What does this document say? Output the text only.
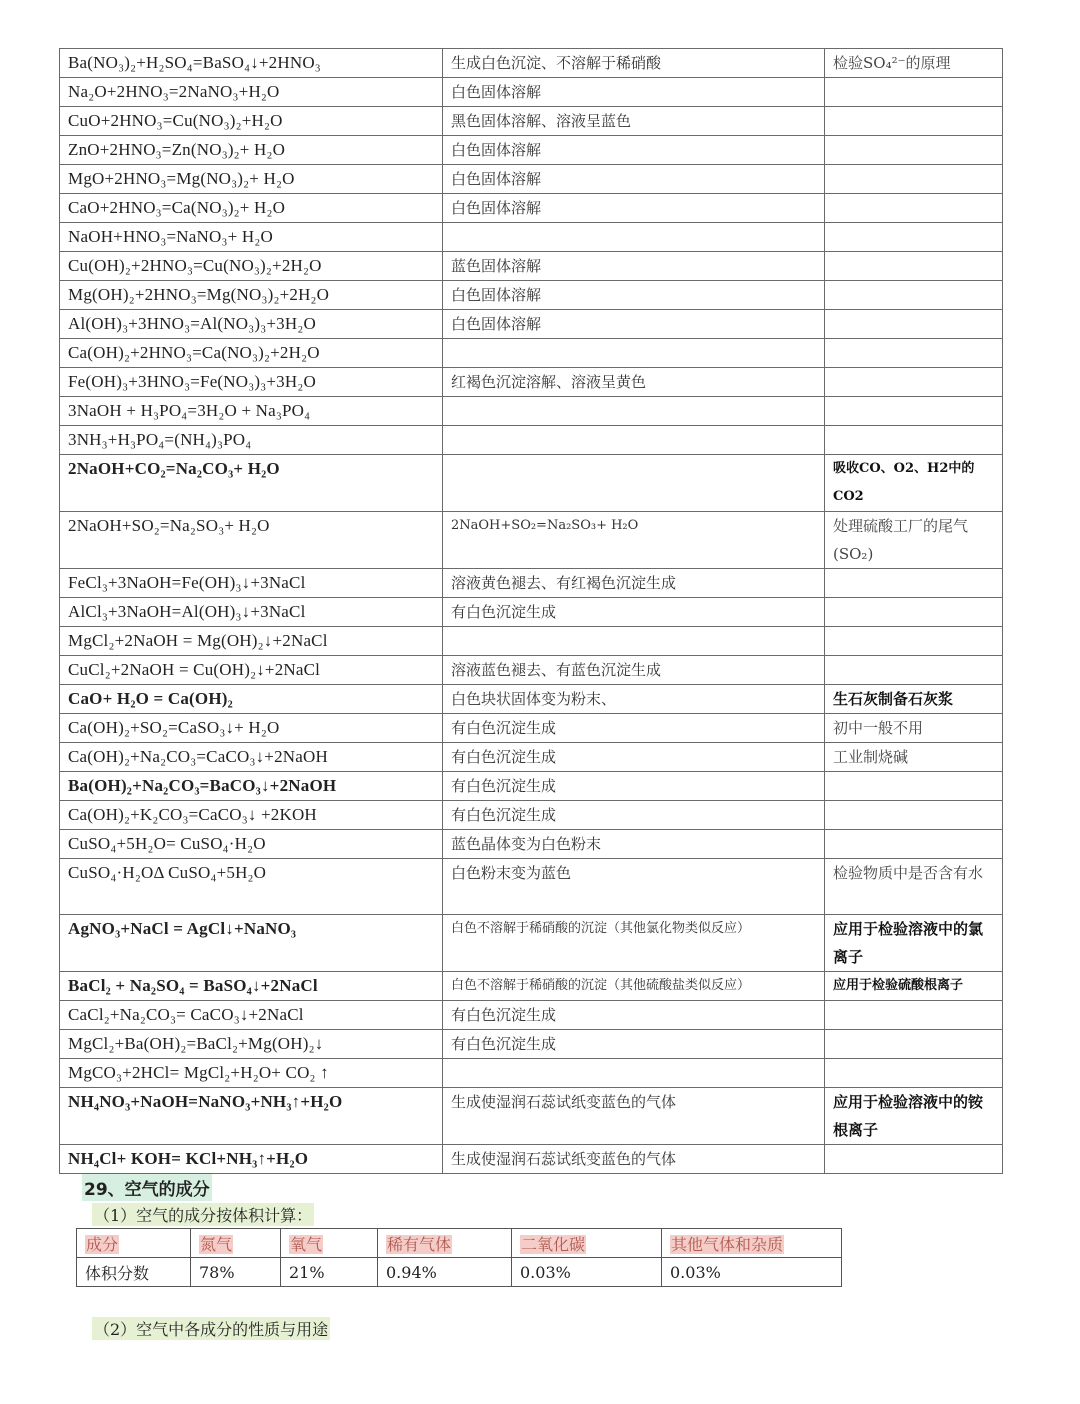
Ba(NO₃)₂+H₂SO₄=BaSO₄↓+2HNO₃	生成白色沉淀、不溶解于稀硝酸	检验SO₄²⁻的原理
Na₂O+2HNO₃=2NaNO₃+H₂O	白色固体溶解	
CuO+2HNO₃=Cu(NO₃)₂+H₂O	黑色固体溶解、溶液呈蓝色	
ZnO+2HNO₃=Zn(NO₃)₂+ H₂O	白色固体溶解	
MgO+2HNO₃=Mg(NO₃)₂+ H₂O	白色固体溶解	
CaO+2HNO₃=Ca(NO₃)₂+ H₂O	白色固体溶解	
NaOH+HNO₃=NaNO₃+ H₂O		
Cu(OH)₂+2HNO₃=Cu(NO₃)₂+2H₂O	蓝色固体溶解	
Mg(OH)₂+2HNO₃=Mg(NO₃)₂+2H₂O	白色固体溶解	
Al(OH)₃+3HNO₃=Al(NO₃)₃+3H₂O	白色固体溶解	
Ca(OH)₂+2HNO₃=Ca(NO₃)₂+2H₂O		
Fe(OH)₃+3HNO₃=Fe(NO₃)₃+3H₂O	红褐色沉淀溶解、溶液呈黄色	
3NaOH + H₃PO₄=3H₂O + Na₃PO₄		
3NH₃+H₃PO₄=(NH₄)₃PO₄		
2NaOH+CO₂=Na₂CO₃+ H₂O		吸收CO、O2、H2中的CO2
2NaOH+SO₂=Na₂SO₃+ H₂O	2NaOH+SO₂=Na₂SO₃+ H₂O	处理硫酸工厂的尾气(SO₂)
FeCl₃+3NaOH=Fe(OH)₃↓+3NaCl	溶液黄色褪去、有红褐色沉淀生成	
AlCl₃+3NaOH=Al(OH)₃↓+3NaCl	有白色沉淀生成	
MgCl₂+2NaOH = Mg(OH)₂↓+2NaCl		
CuCl₂+2NaOH = Cu(OH)₂↓+2NaCl	溶液蓝色褪去、有蓝色沉淀生成	
CaO+ H₂O = Ca(OH)₂	白色块状固体变为粉末、	生石灰制备石灰浆
Ca(OH)₂+SO₂=CaSO₃↓+ H₂O	有白色沉淀生成	初中一般不用
Ca(OH)₂+Na₂CO₃=CaCO₃↓+2NaOH	有白色沉淀生成	工业制烧碱
Ba(OH)₂+Na₂CO₃=BaCO₃↓+2NaOH	有白色沉淀生成	
Ca(OH)₂+K₂CO₃=CaCO₃↓ +2KOH	有白色沉淀生成	
CuSO₄+5H₂O= CuSO₄·H₂O	蓝色晶体变为白色粉末	
CuSO₄·H₂OΔ CuSO₄+5H₂O	白色粉末变为蓝色	检验物质中是否含有水
AgNO₃+NaCl = AgCl↓+NaNO₃	白色不溶解于稀硝酸的沉淀（其他氯化物类似反应）	应用于检验溶液中的氯离子
BaCl₂ + Na₂SO₄ = BaSO₄↓+2NaCl	白色不溶解于稀硝酸的沉淀（其他硫酸盐类似反应）	应用于检验硫酸根离子
CaCl₂+Na₂CO₃= CaCO₃↓+2NaCl	有白色沉淀生成	
MgCl₂+Ba(OH)₂=BaCl₂+Mg(OH)₂↓	有白色沉淀生成	
MgCO₃+2HCl= MgCl₂+H₂O+ CO₂ ↑		
NH₄NO₃+NaOH=NaNO₃+NH₃↑+H₂O	生成使湿润石蕊试纸变蓝色的气体	应用于检验溶液中的铵根离子
NH₄Cl+ KOH= KCl+NH₃↑+H₂O	生成使湿润石蕊试纸变蓝色的气体	
29、空气的成分
（1）空气的成分按体积计算：
成分	氮气	氧气	稀有气体	二氧化碳	其他气体和杂质
体积分数	78%	21%	0.94%	0.03%	0.03%
（2）空气中各成分的性质与用途
